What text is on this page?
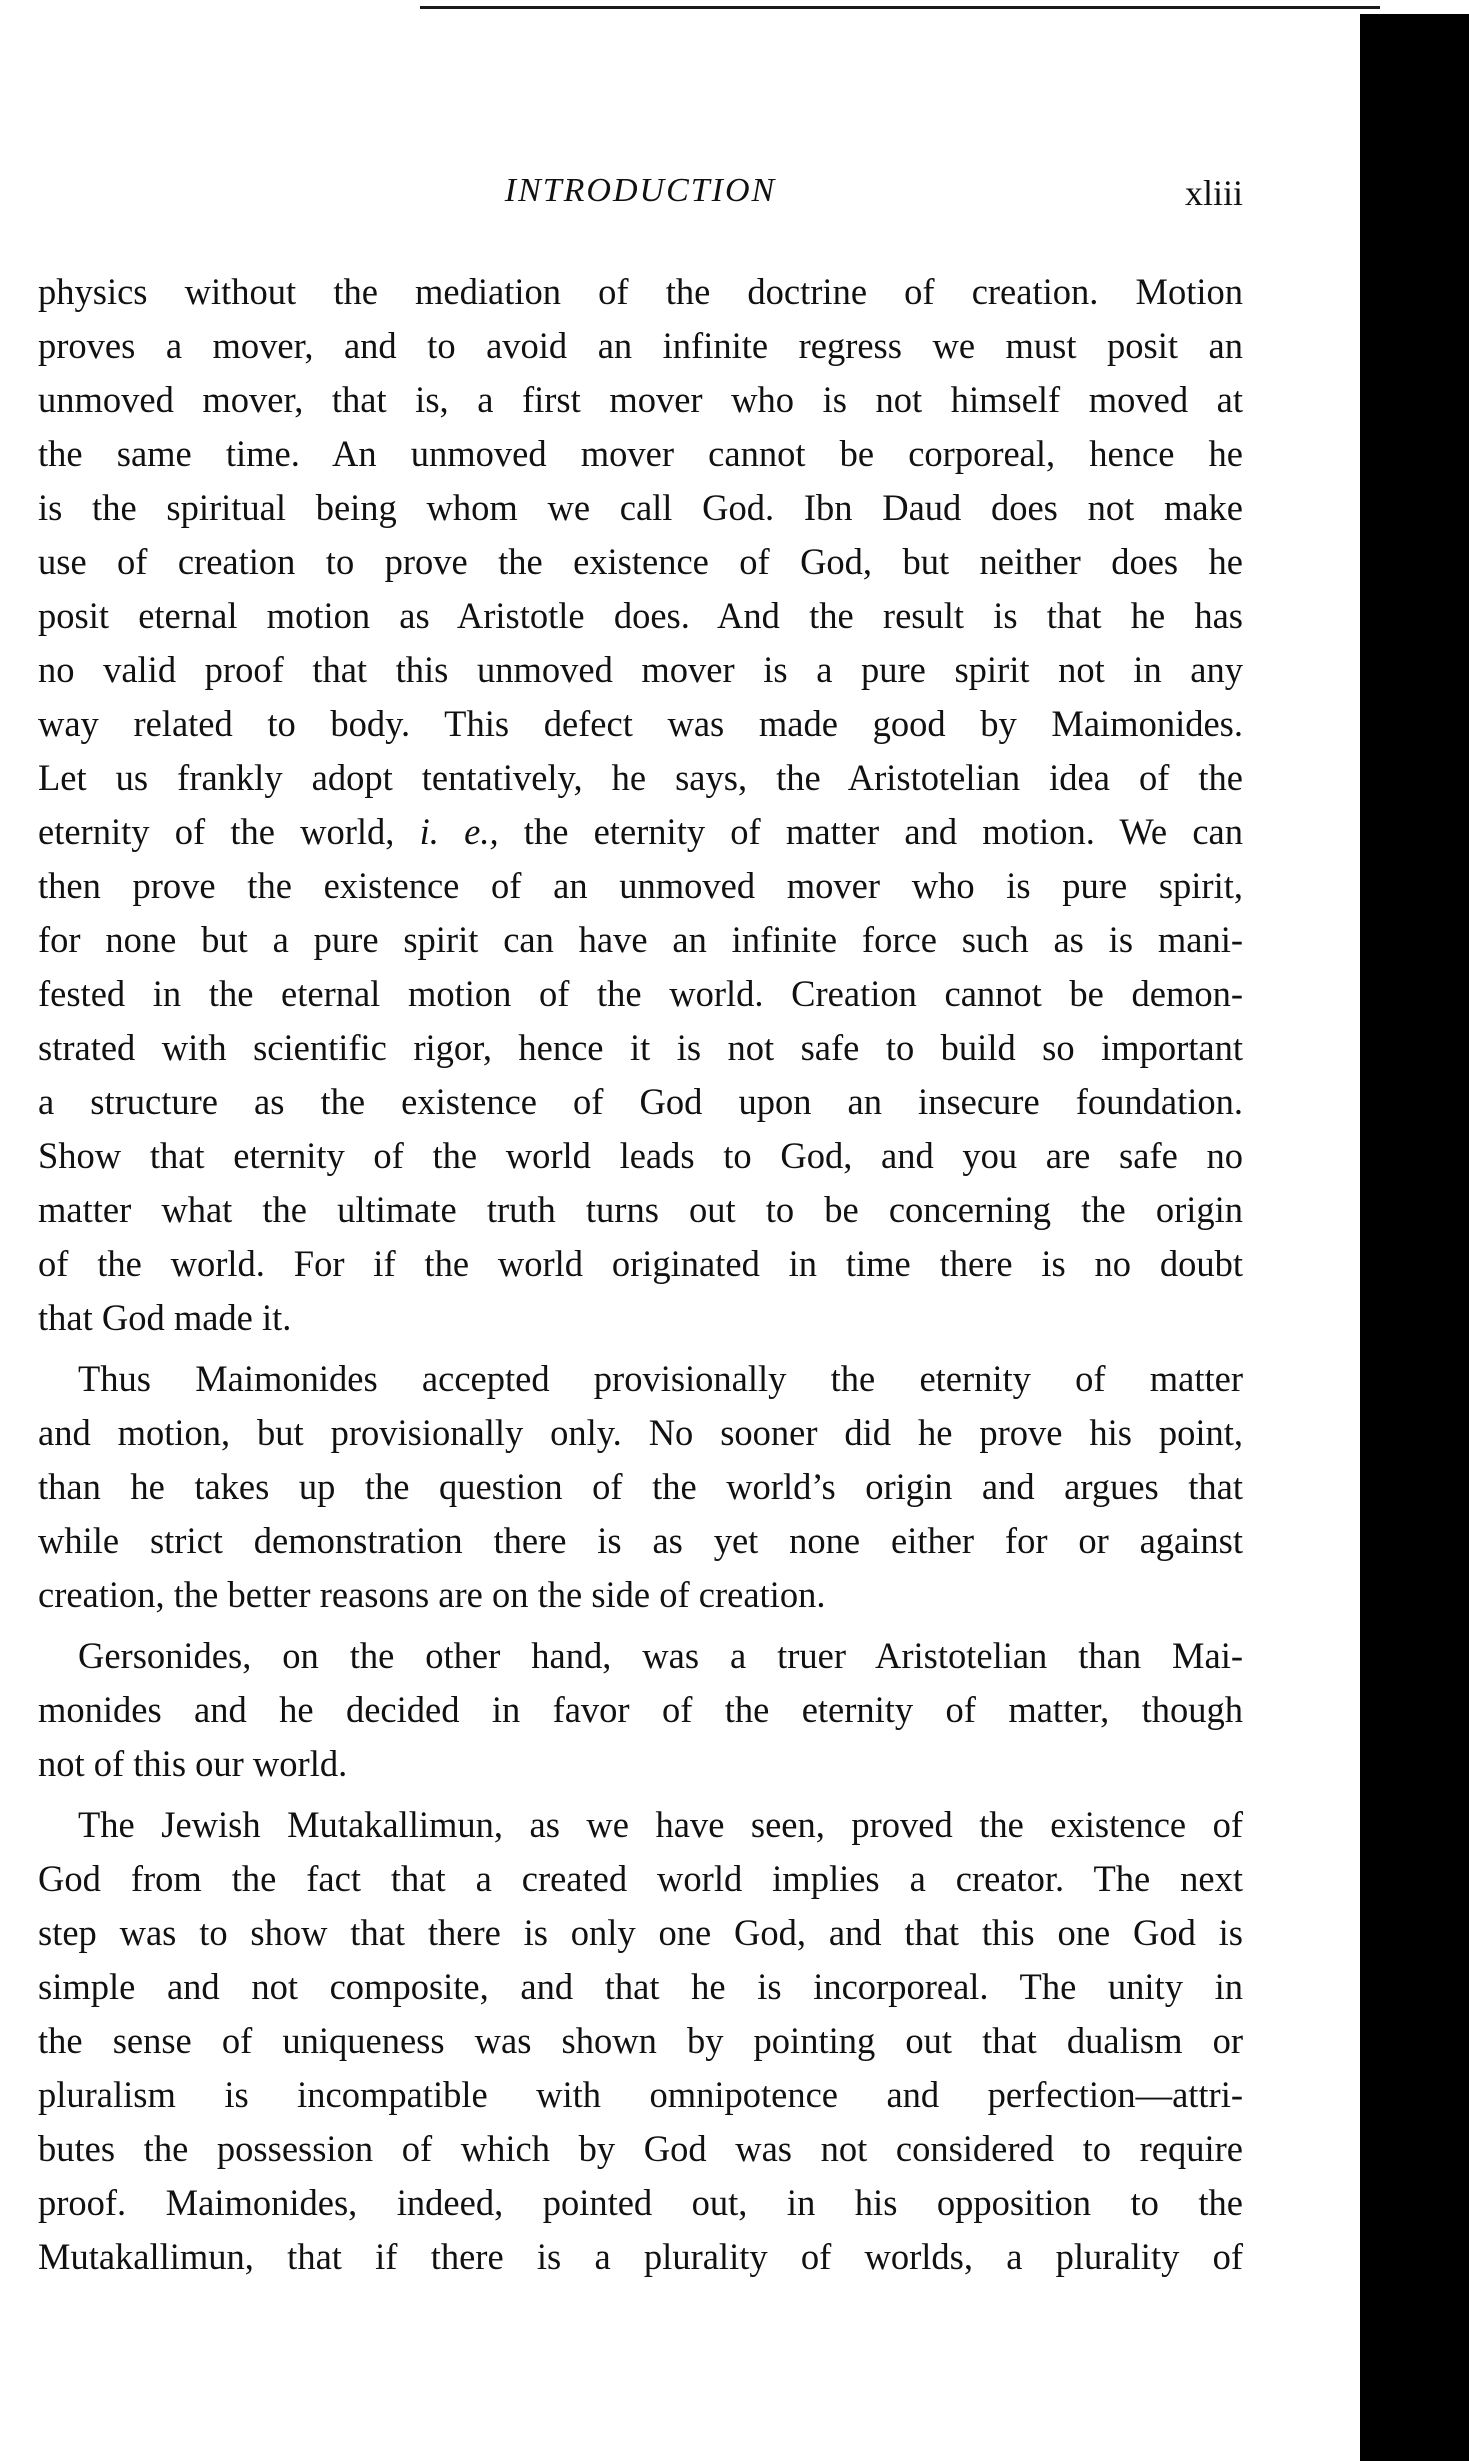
INTRODUCTION	xliii

physics without the mediation of the doctrine of creation. Motion
proves a mover, and to avoid an infinite regress we must posit an
unmoved mover, that is, a first mover who is not himself moved at
the same time. An unmoved mover cannot be corporeal, hence he
is the spiritual being whom we call God. Ibn Daud does not make
use of creation to prove the existence of God, but neither does he
posit eternal motion as Aristotle does. And the result is that he has
no valid proof that this unmoved mover is a pure spirit not in any
way related to body. This defect was made good by Maimonides.
Let us frankly adopt tentatively, he says, the Aristotelian idea of the
eternity of the world, i. e., the eternity of matter and motion. We can
then prove the existence of an unmoved mover who is pure spirit,
for none but a pure spirit can have an infinite force such as is mani-
fested in the eternal motion of the world. Creation cannot be demon-
strated with scientific rigor, hence it is not safe to build so important
a structure as the existence of God upon an insecure foundation.
Show that eternity of the world leads to God, and you are safe no
matter what the ultimate truth turns out to be concerning the origin
of the world. For if the world originated in time there is no doubt
that God made it.

Thus Maimonides accepted provisionally the eternity of matter
and motion, but provisionally only. No sooner did he prove his point,
than he takes up the question of the world’s origin and argues that
while strict demonstration there is as yet none either for or against
creation, the better reasons are on the side of creation.

Gersonides, on the other hand, was a truer Aristotelian than Mai-
monides and he decided in favor of the eternity of matter, though
not of this our world.

The Jewish Mutakallimun, as we have seen, proved the existence of
God from the fact that a created world implies a creator. The next
step was to show that there is only one God, and that this one God is
simple and not composite, and that he is incorporeal. The unity in
the sense of uniqueness was shown by pointing out that dualism or
pluralism is incompatible with omnipotence and perfection—attri-
butes the possession of which by God was not considered to require
proof. Maimonides, indeed, pointed out, in his opposition to the
Mutakallimun, that if there is a plurality of worlds, a plurality of
